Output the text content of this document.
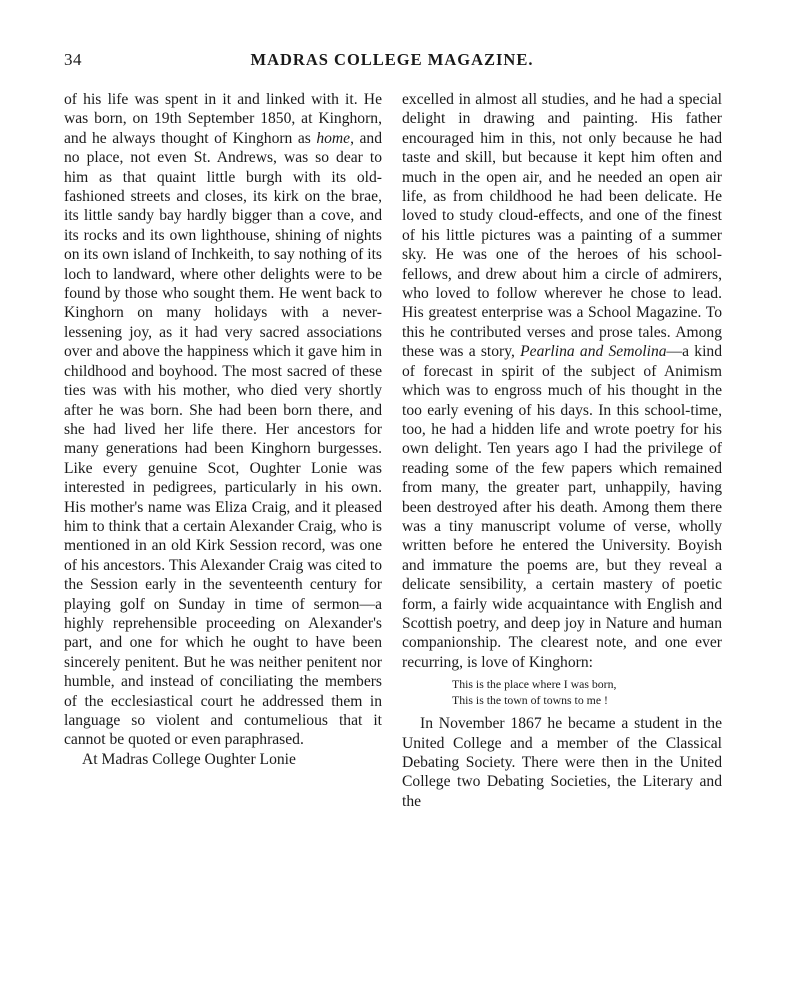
34	MADRAS COLLEGE MAGAZINE.

of his life was spent in it and linked with it. He was born, on 19th September 1850, at Kinghorn, and he always thought of Kinghorn as home, and no place, not even St. Andrews, was so dear to him as that quaint little burgh with its old-fashioned streets and closes, its kirk on the brae, its little sandy bay hardly bigger than a cove, and its rocks and its own lighthouse, shining of nights on its own island of Inchkeith, to say nothing of its loch to landward, where other delights were to be found by those who sought them. He went back to Kinghorn on many holidays with a never-lessening joy, as it had very sacred associations over and above the happiness which it gave him in childhood and boyhood. The most sacred of these ties was with his mother, who died very shortly after he was born. She had been born there, and she had lived her life there. Her ancestors for many generations had been Kinghorn burgesses. Like every genuine Scot, Oughter Lonie was interested in pedigrees, particularly in his own. His mother's name was Eliza Craig, and it pleased him to think that a certain Alexander Craig, who is mentioned in an old Kirk Session record, was one of his ancestors. This Alexander Craig was cited to the Session early in the seventeenth century for playing golf on Sunday in time of sermon—a highly reprehensible proceeding on Alexander's part, and one for which he ought to have been sincerely penitent. But he was neither penitent nor humble, and instead of conciliating the members of the ecclesiastical court he addressed them in language so violent and contumelious that it cannot be quoted or even paraphrased.

At Madras College Oughter Lonie

excelled in almost all studies, and he had a special delight in drawing and painting. His father encouraged him in this, not only because he had taste and skill, but because it kept him often and much in the open air, and he needed an open air life, as from childhood he had been delicate. He loved to study cloud-effects, and one of the finest of his little pictures was a painting of a summer sky. He was one of the heroes of his school-fellows, and drew about him a circle of admirers, who loved to follow wherever he chose to lead. His greatest enterprise was a School Magazine. To this he contributed verses and prose tales. Among these was a story, Pearlina and Semolina—a kind of forecast in spirit of the subject of Animism which was to engross much of his thought in the too early evening of his days. In this school-time, too, he had a hidden life and wrote poetry for his own delight. Ten years ago I had the privilege of reading some of the few papers which remained from many, the greater part, unhappily, having been destroyed after his death. Among them there was a tiny manuscript volume of verse, wholly written before he entered the University. Boyish and immature the poems are, but they reveal a delicate sensibility, a certain mastery of poetic form, a fairly wide acquaintance with English and Scottish poetry, and deep joy in Nature and human companionship. The clearest note, and one ever recurring, is love of Kinghorn:

This is the place where I was born,
This is the town of towns to me !

In November 1867 he became a student in the United College and a member of the Classical Debating Society. There were then in the United College two Debating Societies, the Literary and the
